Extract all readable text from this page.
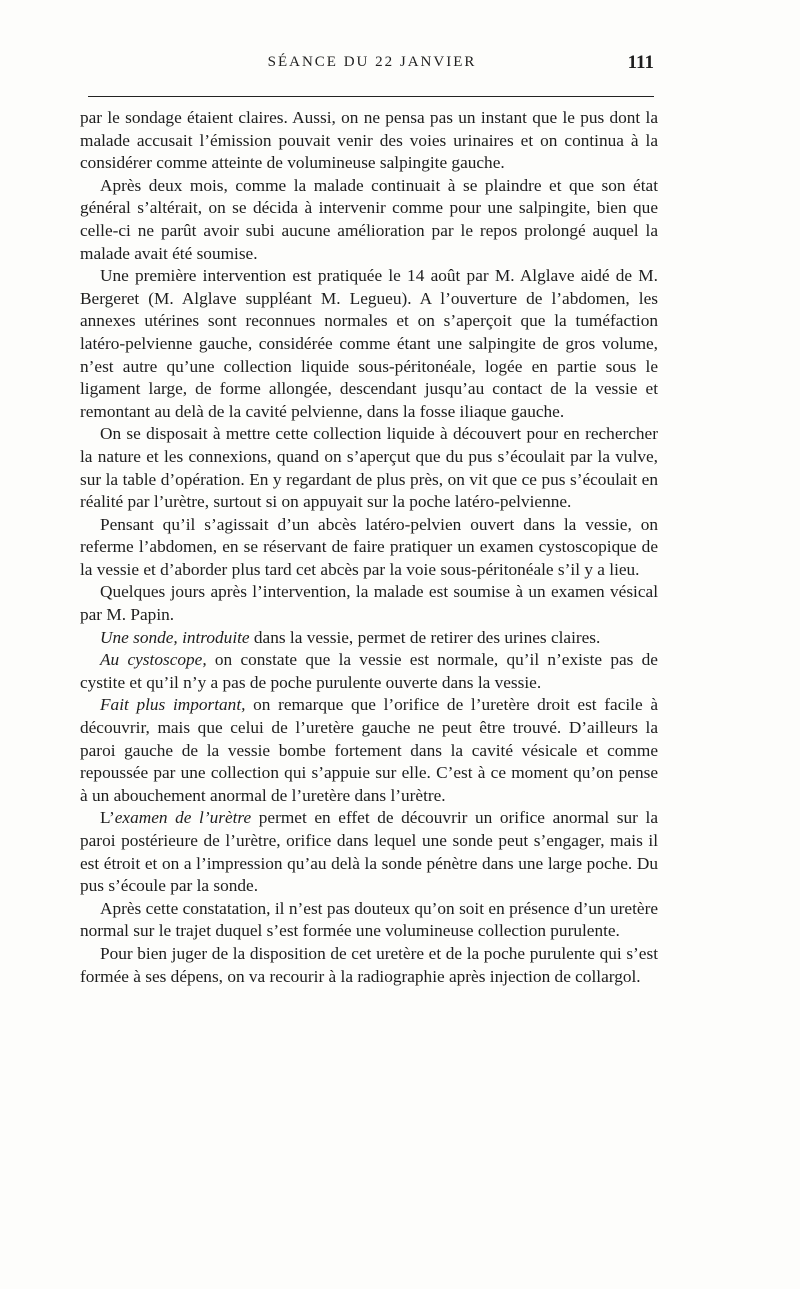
SÉANCE DU 22 JANVIER	111

par le sondage étaient claires. Aussi, on ne pensa pas un instant que le pus dont la malade accusait l’émission pouvait venir des voies urinaires et on continua à la considérer comme atteinte de volumineuse salpingite gauche.

Après deux mois, comme la malade continuait à se plaindre et que son état général s’altérait, on se décida à intervenir comme pour une salpingite, bien que celle-ci ne parût avoir subi aucune amélioration par le repos prolongé auquel la malade avait été soumise.

Une première intervention est pratiquée le 14 août par M. Alglave aidé de M. Bergeret (M. Alglave suppléant M. Legueu). A l’ouverture de l’abdomen, les annexes utérines sont reconnues normales et on s’aperçoit que la tuméfaction latéro-pelvienne gauche, considérée comme étant une salpingite de gros volume, n’est autre qu’une collection liquide sous-péritonéale, logée en partie sous le ligament large, de forme allongée, descendant jusqu’au contact de la vessie et remontant au delà de la cavité pelvienne, dans la fosse iliaque gauche.

On se disposait à mettre cette collection liquide à découvert pour en rechercher la nature et les connexions, quand on s’aperçut que du pus s’écoulait par la vulve, sur la table d’opération. En y regardant de plus près, on vit que ce pus s’écoulait en réalité par l’urètre, surtout si on appuyait sur la poche latéro-pelvienne.

Pensant qu’il s’agissait d’un abcès latéro-pelvien ouvert dans la vessie, on referme l’abdomen, en se réservant de faire pratiquer un examen cystoscopique de la vessie et d’aborder plus tard cet abcès par la voie sous-péritonéale s’il y a lieu.

Quelques jours après l’intervention, la malade est soumise à un examen vésical par M. Papin.

Une sonde, introduite dans la vessie, permet de retirer des urines claires.

Au cystoscope, on constate que la vessie est normale, qu’il n’existe pas de cystite et qu’il n’y a pas de poche purulente ouverte dans la vessie.

Fait plus important, on remarque que l’orifice de l’uretère droit est facile à découvrir, mais que celui de l’uretère gauche ne peut être trouvé. D’ailleurs la paroi gauche de la vessie bombe fortement dans la cavité vésicale et comme repoussée par une collection qui s’appuie sur elle. C’est à ce moment qu’on pense à un abouchement anormal de l’uretère dans l’urètre.

L’examen de l’urètre permet en effet de découvrir un orifice anormal sur la paroi postérieure de l’urètre, orifice dans lequel une sonde peut s’engager, mais il est étroit et on a l’impression qu’au delà la sonde pénètre dans une large poche. Du pus s’écoule par la sonde.

Après cette constatation, il n’est pas douteux qu’on soit en présence d’un uretère normal sur le trajet duquel s’est formée une volumineuse collection purulente.

Pour bien juger de la disposition de cet uretère et de la poche purulente qui s’est formée à ses dépens, on va recourir à la radiographie après injection de collargol.
